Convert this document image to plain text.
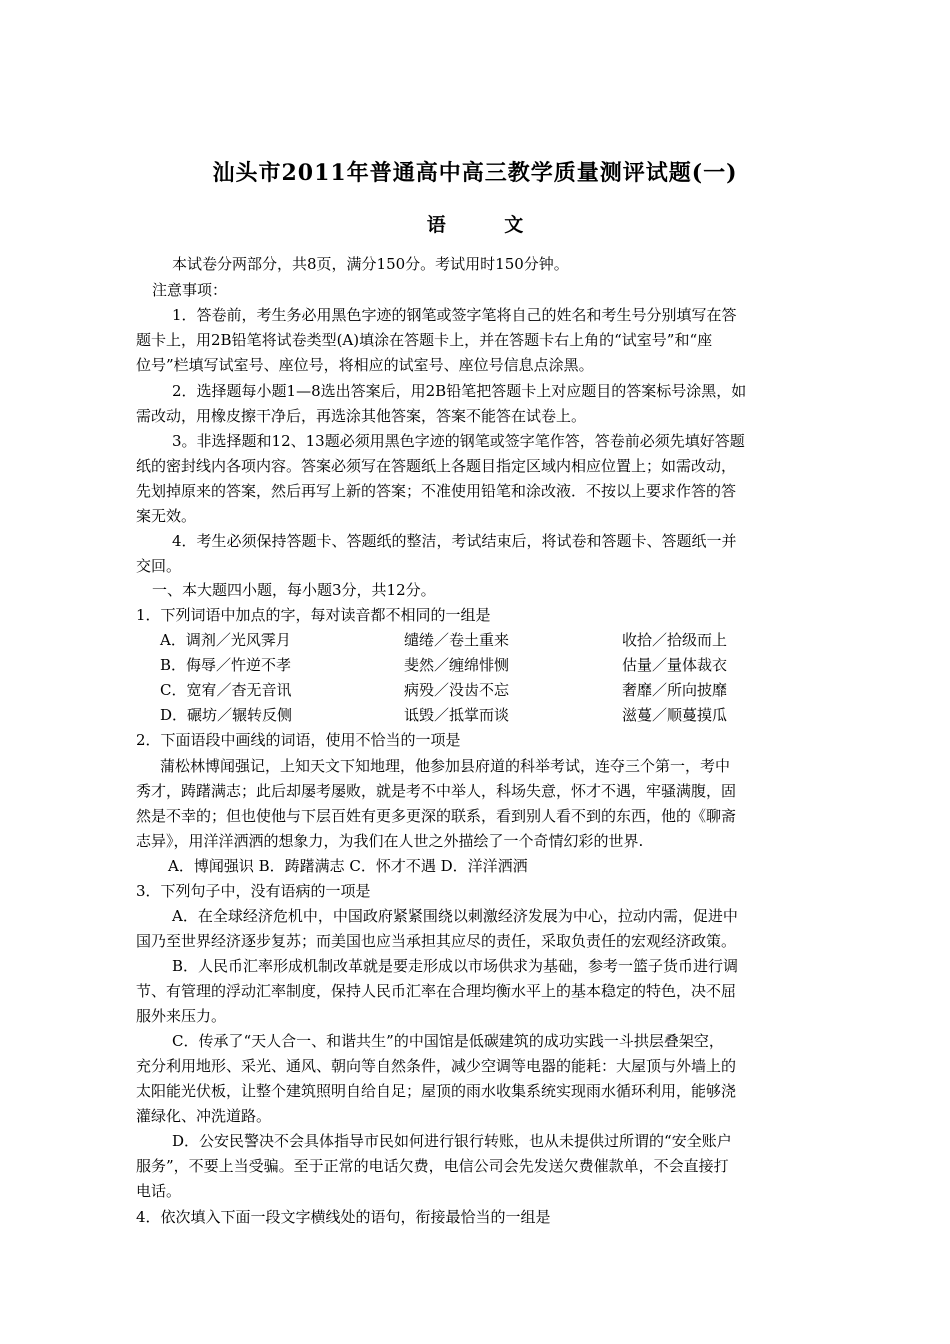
汕头市2011年普通高中高三教学质量测评试题(一)
语 文
本试卷分两部分，共8页，满分150分。考试用时150分钟。
注意事项：
1．答卷前，考生务必用黑色字迹的钢笔或签字笔将自己的姓名和考生号分别填写在答
题卡上，用2B铅笔将试卷类型(A)填涂在答题卡上，并在答题卡右上角的“试室号”和“座
位号”栏填写试室号、座位号，将相应的试室号、座位号信息点涂黑。
2．选择题每小题1—8选出答案后，用2B铅笔把答题卡上对应题目的答案标号涂黑，如
需改动，用橡皮擦干净后，再选涂其他答案，答案不能答在试卷上。
3。非选择题和12、13题必须用黑色字迹的钢笔或签字笔作答，答卷前必须先填好答题
纸的密封线内各项内容。答案必须写在答题纸上各题目指定区域内相应位置上；如需改动，
先划掉原来的答案，然后再写上新的答案；不准使用铅笔和涂改液．不按以上要求作答的答
案无效。
4．考生必须保持答题卡、答题纸的整洁，考试结束后，将试卷和答题卡、答题纸一并
交回。
一、本大题四小题，每小题3分，共12分。
1．下列词语中加点的字，每对读音都不相同的一组是
A．调剂／光风霁月	缱绻／卷土重来	收拾／拾级而上
B．侮辱／忤逆不孝	斐然／缠绵悱恻	估量／量体裁衣
C．宽宥／杳无音讯	病殁／没齿不忘	奢靡／所向披靡
D．碾坊／辗转反侧	诋毁／抵掌而谈	滋蔓／顺蔓摸瓜
2．下面语段中画线的词语，使用不恰当的一项是
蒲松林博闻强记，上知天文下知地理，他参加县府道的科举考试，连夺三个第一，考中
秀才，踌躇满志；此后却屡考屡败，就是考不中举人，科场失意，怀才不遇，牢骚满腹，固
然是不幸的；但也使他与下层百姓有更多更深的联系，看到别人看不到的东西，他的《聊斋
志异》，用洋洋洒洒的想象力，为我们在人世之外描绘了一个奇情幻彩的世界.
A．博闻强识 B．踌躇满志 C．怀才不遇 D．洋洋洒洒
3．下列句子中，没有语病的一项是
A．在全球经济危机中，中国政府紧紧围绕以刺激经济发展为中心，拉动内需，促进中
国乃至世界经济逐步复苏；而美国也应当承担其应尽的责任，采取负责任的宏观经济政策。
B．人民币汇率形成机制改革就是要走形成以市场供求为基础，参考一篮子货币进行调
节、有管理的浮动汇率制度，保持人民币汇率在合理均衡水平上的基本稳定的特色，决不屈
服外来压力。
C．传承了“天人合一、和谐共生”的中国馆是低碳建筑的成功实践一斗拱层叠架空，
充分利用地形、采光、通风、朝向等自然条件，减少空调等电器的能耗：大屋顶与外墙上的
太阳能光伏板，让整个建筑照明自给自足；屋顶的雨水收集系统实现雨水循环利用，能够浇
灌绿化、冲洗道路。
D．公安民警决不会具体指导市民如何进行银行转账，也从未提供过所谓的“安全账户
服务”，不要上当受骗。至于正常的电话欠费，电信公司会先发送欠费催款单，不会直接打
电话。
4．依次填入下面一段文字横线处的语句，衔接最恰当的一组是
